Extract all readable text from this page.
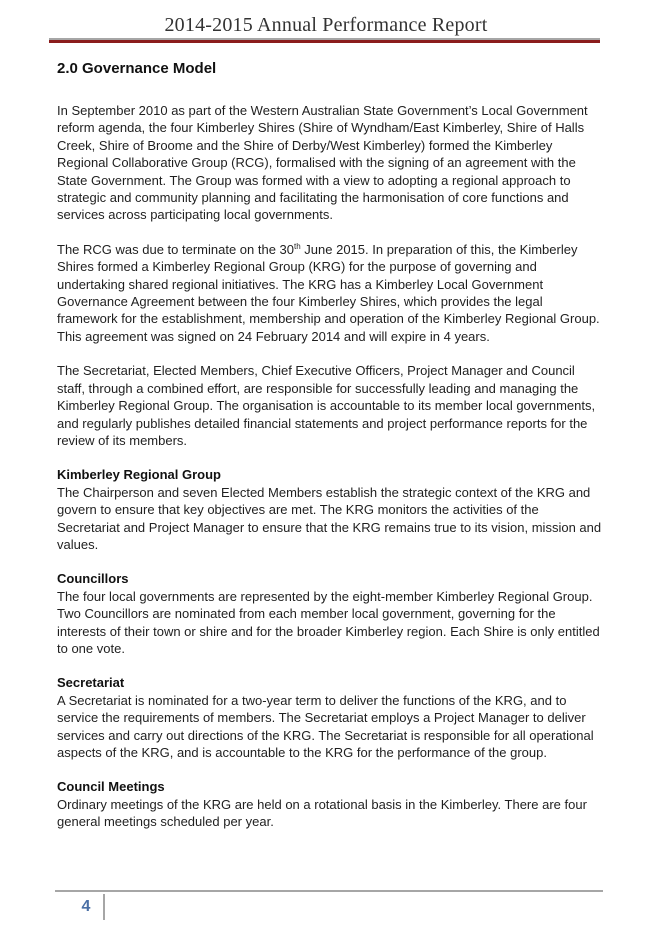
2014-2015 Annual Performance Report
2.0 Governance Model

In September 2010 as part of the Western Australian State Government’s Local Government reform agenda, the four Kimberley Shires (Shire of Wyndham/East Kimberley, Shire of Halls Creek, Shire of Broome and the Shire of Derby/West Kimberley) formed the Kimberley Regional Collaborative Group (RCG), formalised with the signing of an agreement with the State Government. The Group was formed with a view to adopting a regional approach to strategic and community planning and facilitating the harmonisation of core functions and services across participating local governments.

The RCG was due to terminate on the 30th June 2015. In preparation of this, the Kimberley Shires formed a Kimberley Regional Group (KRG) for the purpose of governing and undertaking shared regional initiatives. The KRG has a Kimberley Local Government Governance Agreement between the four Kimberley Shires, which provides the legal framework for the establishment, membership and operation of the Kimberley Regional Group. This agreement was signed on 24 February 2014 and will expire in 4 years.

The Secretariat, Elected Members, Chief Executive Officers, Project Manager and Council staff, through a combined effort, are responsible for successfully leading and managing the Kimberley Regional Group. The organisation is accountable to its member local governments, and regularly publishes detailed financial statements and project performance reports for the review of its members.

Kimberley Regional Group

The Chairperson and seven Elected Members establish the strategic context of the KRG and govern to ensure that key objectives are met. The KRG monitors the activities of the Secretariat and Project Manager to ensure that the KRG remains true to its vision, mission and values.

Councillors

The four local governments are represented by the eight-member Kimberley Regional Group. Two Councillors are nominated from each member local government, governing for the interests of their town or shire and for the broader Kimberley region. Each Shire is only entitled to one vote.

Secretariat

A Secretariat is nominated for a two-year term to deliver the functions of the KRG, and to service the requirements of members. The Secretariat employs a Project Manager to deliver services and carry out directions of the KRG. The Secretariat is responsible for all operational aspects of the KRG, and is accountable to the KRG for the performance of the group.

Council Meetings

Ordinary meetings of the KRG are held on a rotational basis in the Kimberley. There are four general meetings scheduled per year.

4
